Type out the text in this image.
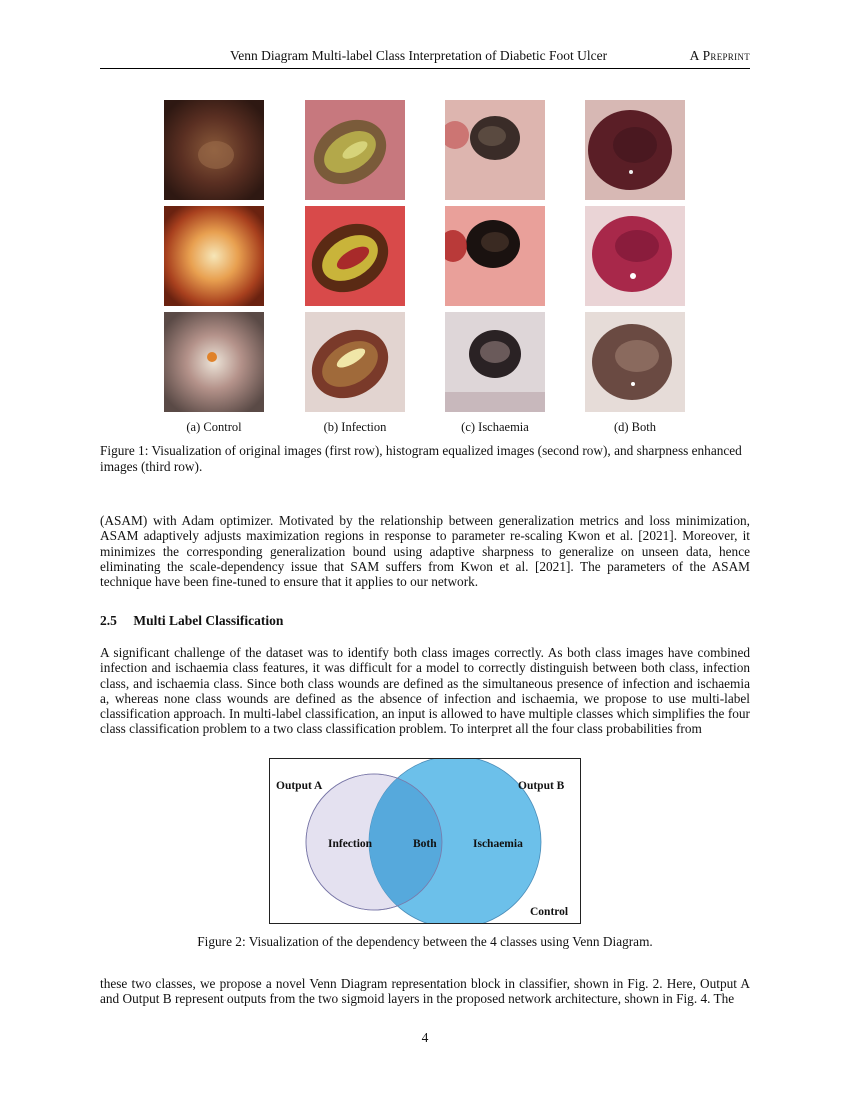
Venn Diagram Multi-label Class Interpretation of Diabetic Foot Ulcer	A Preprint
(a) Control	(b) Infection	(c) Ischaemia	(d) Both
Figure 1: Visualization of original images (first row), histogram equalized images (second row), and sharpness enhanced images (third row).
(ASAM) with Adam optimizer. Motivated by the relationship between generalization metrics and loss minimization, ASAM adaptively adjusts maximization regions in response to parameter re-scaling Kwon et al. [2021]. Moreover, it minimizes the corresponding generalization bound using adaptive sharpness to generalize on unseen data, hence eliminating the scale-dependency issue that SAM suffers from Kwon et al. [2021]. The parameters of the ASAM technique have been fine-tuned to ensure that it applies to our network.
2.5 Multi Label Classification
A significant challenge of the dataset was to identify both class images correctly. As both class images have combined infection and ischaemia class features, it was difficult for a model to correctly distinguish between both class, infection class, and ischaemia class. Since both class wounds are defined as the simultaneous presence of infection and ischaemia a, whereas none class wounds are defined as the absence of infection and ischaemia, we propose to use multi-label classification approach. In multi-label classification, an input is allowed to have multiple classes which simplifies the four class classification problem to a two class classification problem. To interpret all the four class probabilities from
Output A	Output B
Infection	Both	Ischaemia
Control
Figure 2: Visualization of the dependency between the 4 classes using Venn Diagram.
these two classes, we propose a novel Venn Diagram representation block in classifier, shown in Fig. 2. Here, Output A and Output B represent outputs from the two sigmoid layers in the proposed network architecture, shown in Fig. 4. The
4
